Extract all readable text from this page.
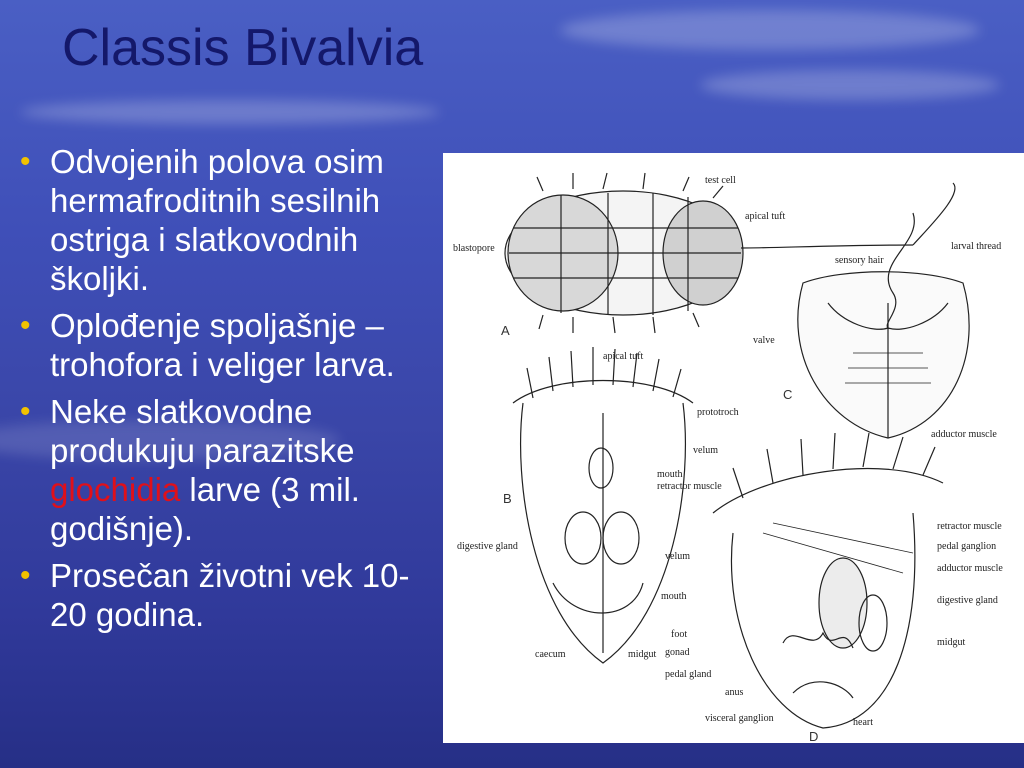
Classis Bivalvia
• Odvojenih polova osim hermafroditnih sesilnih ostriga i slatkovodnih školjki.
• Oplođenje spoljašnje – trohofora i veliger larva.
• Neke slatkovodne produkuju parazitske glochidia larve (3 mil. godišnje).
• Prosečan životni vek 10-20 godina.
A
test cell
apical tuft
blastopore	larval thread
C
sensory hair
valve
adductor muscle
B
apical tuft
prototroch
velum
mouth
retractor muscle
digestive gland
caecum	midgut
D
retractor muscle
pedal ganglion
adductor muscle
digestive gland
velum
mouth
midgut
foot
gonad
pedal gland
anus
visceral ganglion	heart
